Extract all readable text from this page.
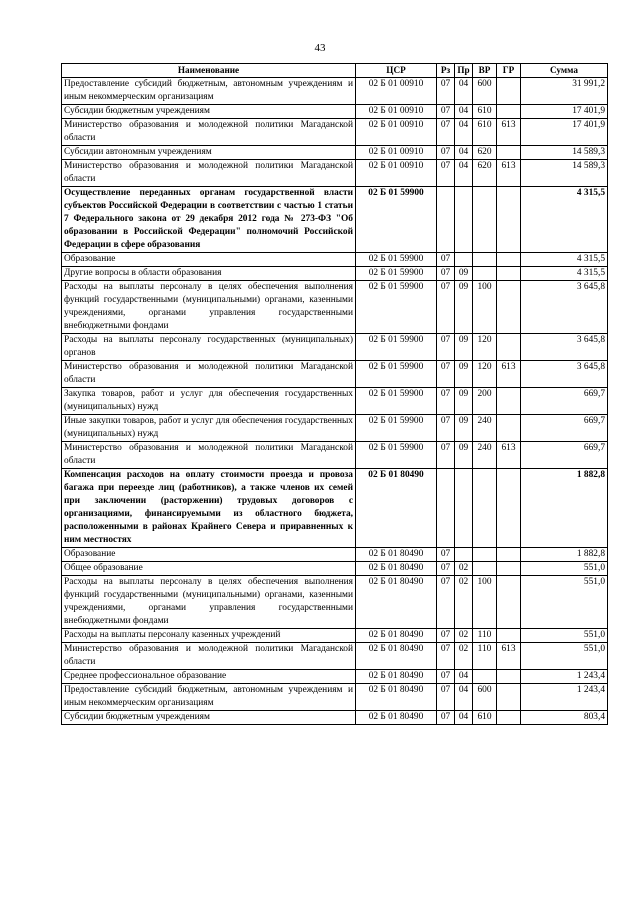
43
Наименование	ЦСР	Рз	Пр	ВР	ГР	Сумма
Предоставление субсидий бюджетным, автономным учреждениям и иным некоммерческим организациям	02 Б 01 00910	07	04	600		31 991,2
Субсидии бюджетным учреждениям	02 Б 01 00910	07	04	610		17 401,9
Министерство образования и молодежной политики Магаданской области	02 Б 01 00910	07	04	610	613	17 401,9
Субсидии автономным учреждениям	02 Б 01 00910	07	04	620		14 589,3
Министерство образования и молодежной политики Магаданской области	02 Б 01 00910	07	04	620	613	14 589,3
Осуществление переданных органам государственной власти субъектов Российской Федерации в соответствии с частью 1 статьи 7 Федерального закона от 29 декабря 2012 года № 273-ФЗ "Об образовании в Российской Федерации" полномочий Российской Федерации в сфере образования	02 Б 01 59900					4 315,5
Образование	02 Б 01 59900	07				4 315,5
Другие вопросы в области образования	02 Б 01 59900	07	09			4 315,5
Расходы на выплаты персоналу в целях обеспечения выполнения функций государственными (муниципальными) органами, казенными учреждениями, органами управления государственными внебюджетными фондами	02 Б 01 59900	07	09	100		3 645,8
Расходы на выплаты персоналу государственных (муниципальных) органов	02 Б 01 59900	07	09	120		3 645,8
Министерство образования и молодежной политики Магаданской области	02 Б 01 59900	07	09	120	613	3 645,8
Закупка товаров, работ и услуг для обеспечения государственных (муниципальных) нужд	02 Б 01 59900	07	09	200		669,7
Иные закупки товаров, работ и услуг для обеспечения государственных (муниципальных) нужд	02 Б 01 59900	07	09	240		669,7
Министерство образования и молодежной политики Магаданской области	02 Б 01 59900	07	09	240	613	669,7
Компенсация расходов на оплату стоимости проезда и провоза багажа при переезде лиц (работников), а также членов их семей при заключении (расторжении) трудовых договоров с организациями, финансируемыми из областного бюджета, расположенными в районах Крайнего Севера и приравненных к ним местностях	02 Б 01 80490					1 882,8
Образование	02 Б 01 80490	07				1 882,8
Общее образование	02 Б 01 80490	07	02			551,0
Расходы на выплаты персоналу в целях обеспечения выполнения функций государственными (муниципальными) органами, казенными учреждениями, органами управления государственными внебюджетными фондами	02 Б 01 80490	07	02	100		551,0
Расходы на выплаты персоналу казенных учреждений	02 Б 01 80490	07	02	110		551,0
Министерство образования и молодежной политики Магаданской области	02 Б 01 80490	07	02	110	613	551,0
Среднее профессиональное образование	02 Б 01 80490	07	04			1 243,4
Предоставление субсидий бюджетным, автономным учреждениям и иным некоммерческим организациям	02 Б 01 80490	07	04	600		1 243,4
Субсидии бюджетным учреждениям	02 Б 01 80490	07	04	610		803,4
